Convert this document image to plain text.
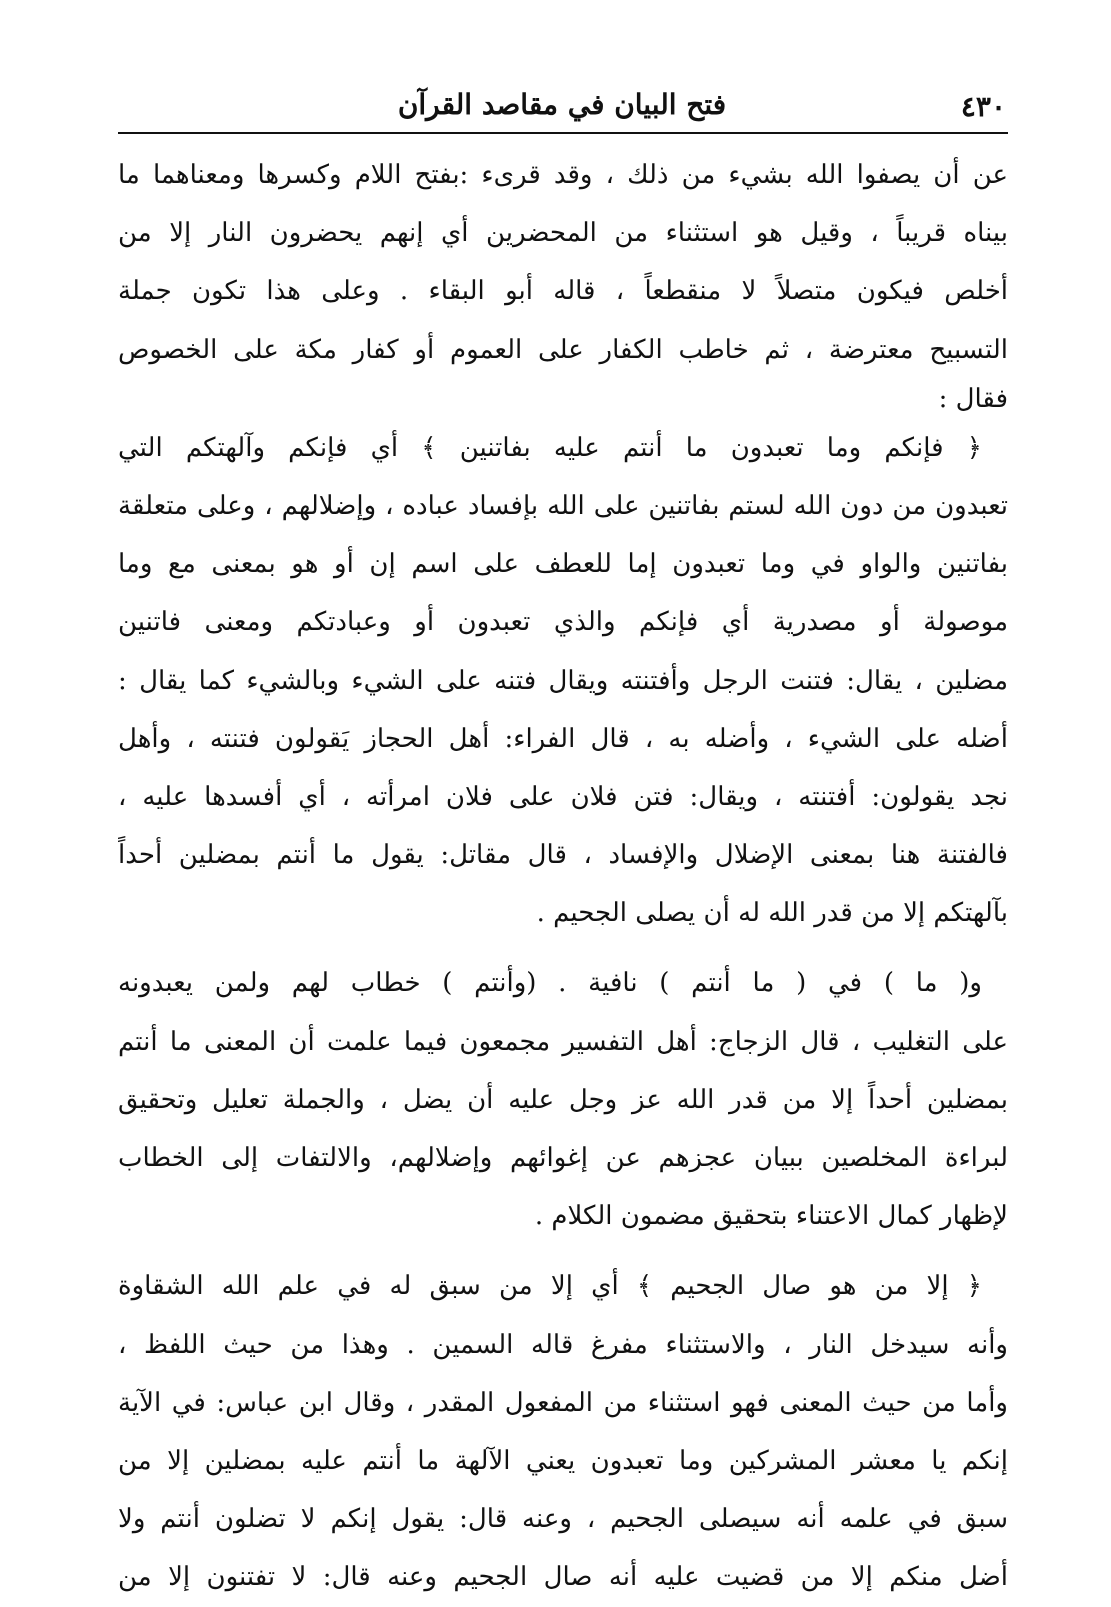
٤٣٠
فتح البيان في مقاصد القرآن
عن أن يصفوا الله بشيء من ذلك ، وقد قرىء :بفتح اللام وكسرها ومعناهما ما
بيناه قريباً ، وقيل هو استثناء من المحضرين أي إنهم يحضرون النار إلا من
أخلص فيكون متصلاً لا منقطعاً ، قاله أبو البقاء . وعلى هذا تكون جملة
التسبيح معترضة ، ثم خاطب الكفار على العموم أو كفار مكة على الخصوص
فقال :
﴿ فإنكم وما تعبدون ما أنتم عليه بفاتنين ﴾ أي فإنكم وآلهتكم التي
تعبدون من دون الله لستم بفاتنين على الله بإفساد عباده ، وإضلالهم ، وعلى متعلقة
بفاتنين والواو في وما تعبدون إما للعطف على اسم إن أو هو بمعنى مع وما
موصولة أو مصدرية أي فإنكم والذي تعبدون أو وعبادتكم ومعنى فاتنين
مضلين ، يقال: فتنت الرجل وأفتنته ويقال فتنه على الشيء وبالشيء كما يقال :
أضله على الشيء ، وأضله به ، قال الفراء: أهل الحجاز يَقولون فتنته ، وأهل
نجد يقولون: أفتنته ، ويقال: فتن فلان على فلان امرأته ، أي أفسدها عليه ،
فالفتنة هنا بمعنى الإضلال والإفساد ، قال مقاتل: يقول ما أنتم بمضلين أحداً
بآلهتكم إلا من قدر الله له أن يصلى الجحيم .
و( ما ) في ( ما أنتم ) نافية . (وأنتم ) خطاب لهم ولمن يعبدونه
على التغليب ، قال الزجاج: أهل التفسير مجمعون فيما علمت أن المعنى ما أنتم
بمضلين أحداً إلا من قدر الله عز وجل عليه أن يضل ، والجملة تعليل وتحقيق
لبراءة المخلصين ببيان عجزهم عن إغوائهم وإضلالهم، والالتفات إلى الخطاب
لإظهار كمال الاعتناء بتحقيق مضمون الكلام .
﴿ إلا من هو صال الجحيم ﴾ أي إلا من سبق له في علم الله الشقاوة
وأنه سيدخل النار ، والاستثناء مفرغ قاله السمين . وهذا من حيث اللفظ ،
وأما من حيث المعنى فهو استثناء من المفعول المقدر ، وقال ابن عباس: في الآية
إنكم يا معشر المشركين وما تعبدون يعني الآلهة ما أنتم عليه بمضلين إلا من
سبق في علمه أنه سيصلى الجحيم ، وعنه قال: يقول إنكم لا تضلون أنتم ولا
أضل منكم إلا من قضيت عليه أنه صال الجحيم وعنه قال: لا تفتنون إلا من
